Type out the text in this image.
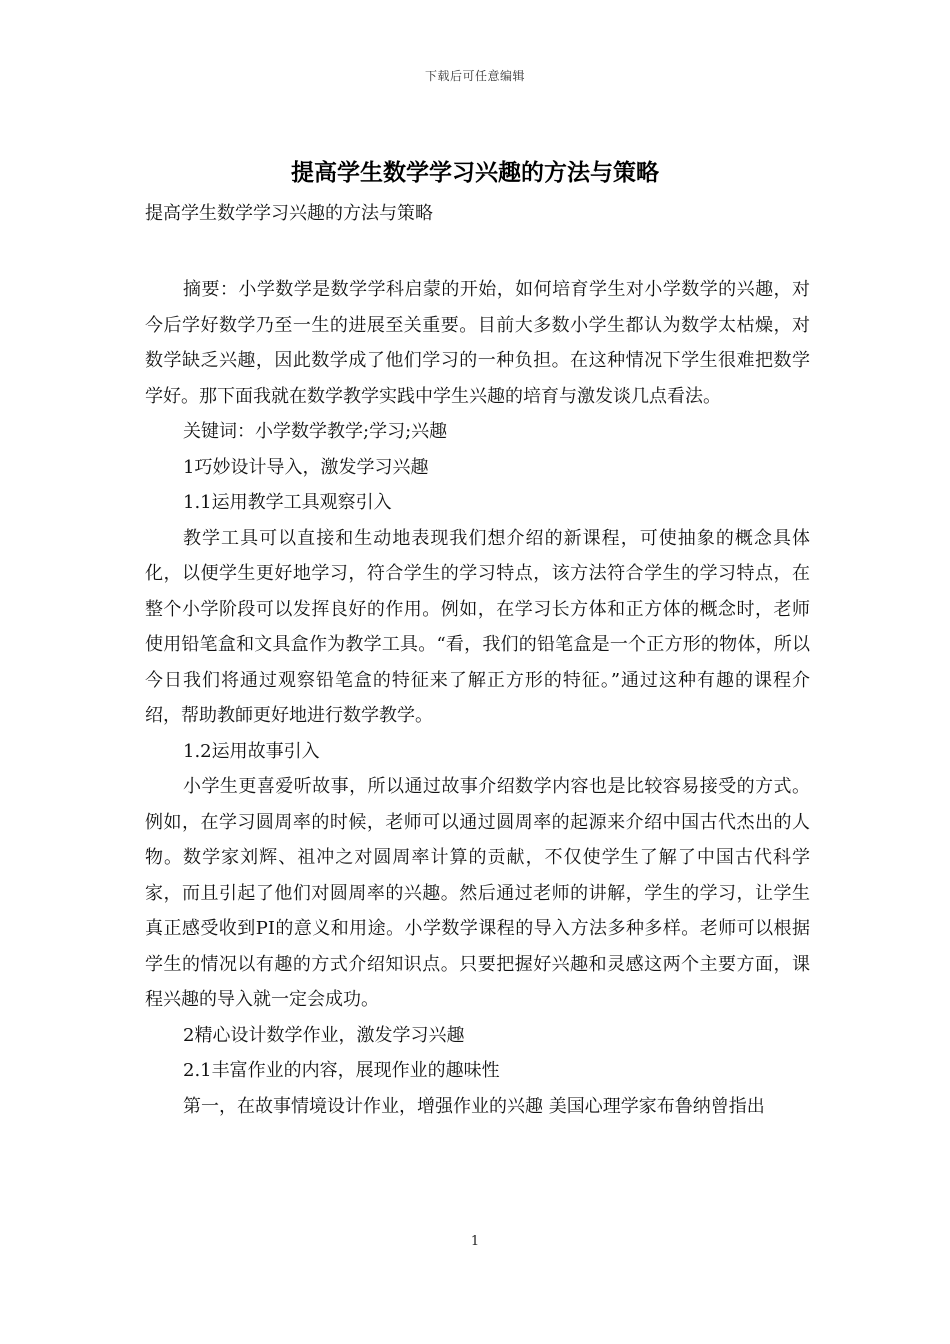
下载后可任意编辑
提高学生数学学习兴趣的方法与策略
提高学生数学学习兴趣的方法与策略

摘要：小学数学是数学学科启蒙的开始，如何培育学生对小学数学的兴趣，对今后学好数学乃至一生的进展至关重要。目前大多数小学生都认为数学太枯燥，对数学缺乏兴趣，因此数学成了他们学习的一种负担。在这种情况下学生很难把数学学好。那下面我就在数学教学实践中学生兴趣的培育与激发谈几点看法。

关键词：小学数学教学;学习;兴趣

1巧妙设计导入，激发学习兴趣

1.1运用教学工具观察引入

教学工具可以直接和生动地表现我们想介绍的新课程，可使抽象的概念具体化，以便学生更好地学习，符合学生的学习特点，该方法符合学生的学习特点，在整个小学阶段可以发挥良好的作用。例如，在学习长方体和正方体的概念时，老师使用铅笔盒和文具盒作为教学工具。“看，我们的铅笔盒是一个正方形的物体，所以今日我们将通过观察铅笔盒的特征来了解正方形的特征。”通过这种有趣的课程介绍，帮助教師更好地进行数学教学。

1.2运用故事引入

小学生更喜爱听故事，所以通过故事介绍数学内容也是比较容易接受的方式。例如，在学习圆周率的时候，老师可以通过圆周率的起源来介绍中国古代杰出的人物。数学家刘辉、祖冲之对圆周率计算的贡献，不仅使学生了解了中国古代科学家，而且引起了他们对圆周率的兴趣。然后通过老师的讲解，学生的学习，让学生真正感受收到PI的意义和用途。小学数学课程的导入方法多种多样。老师可以根据学生的情况以有趣的方式介绍知识点。只要把握好兴趣和灵感这两个主要方面，课程兴趣的导入就一定会成功。

2精心设计数学作业，激发学习兴趣

2.1丰富作业的内容，展现作业的趣味性

第一，在故事情境设计作业，增强作业的兴趣 美国心理学家布鲁纳曾指出

1
